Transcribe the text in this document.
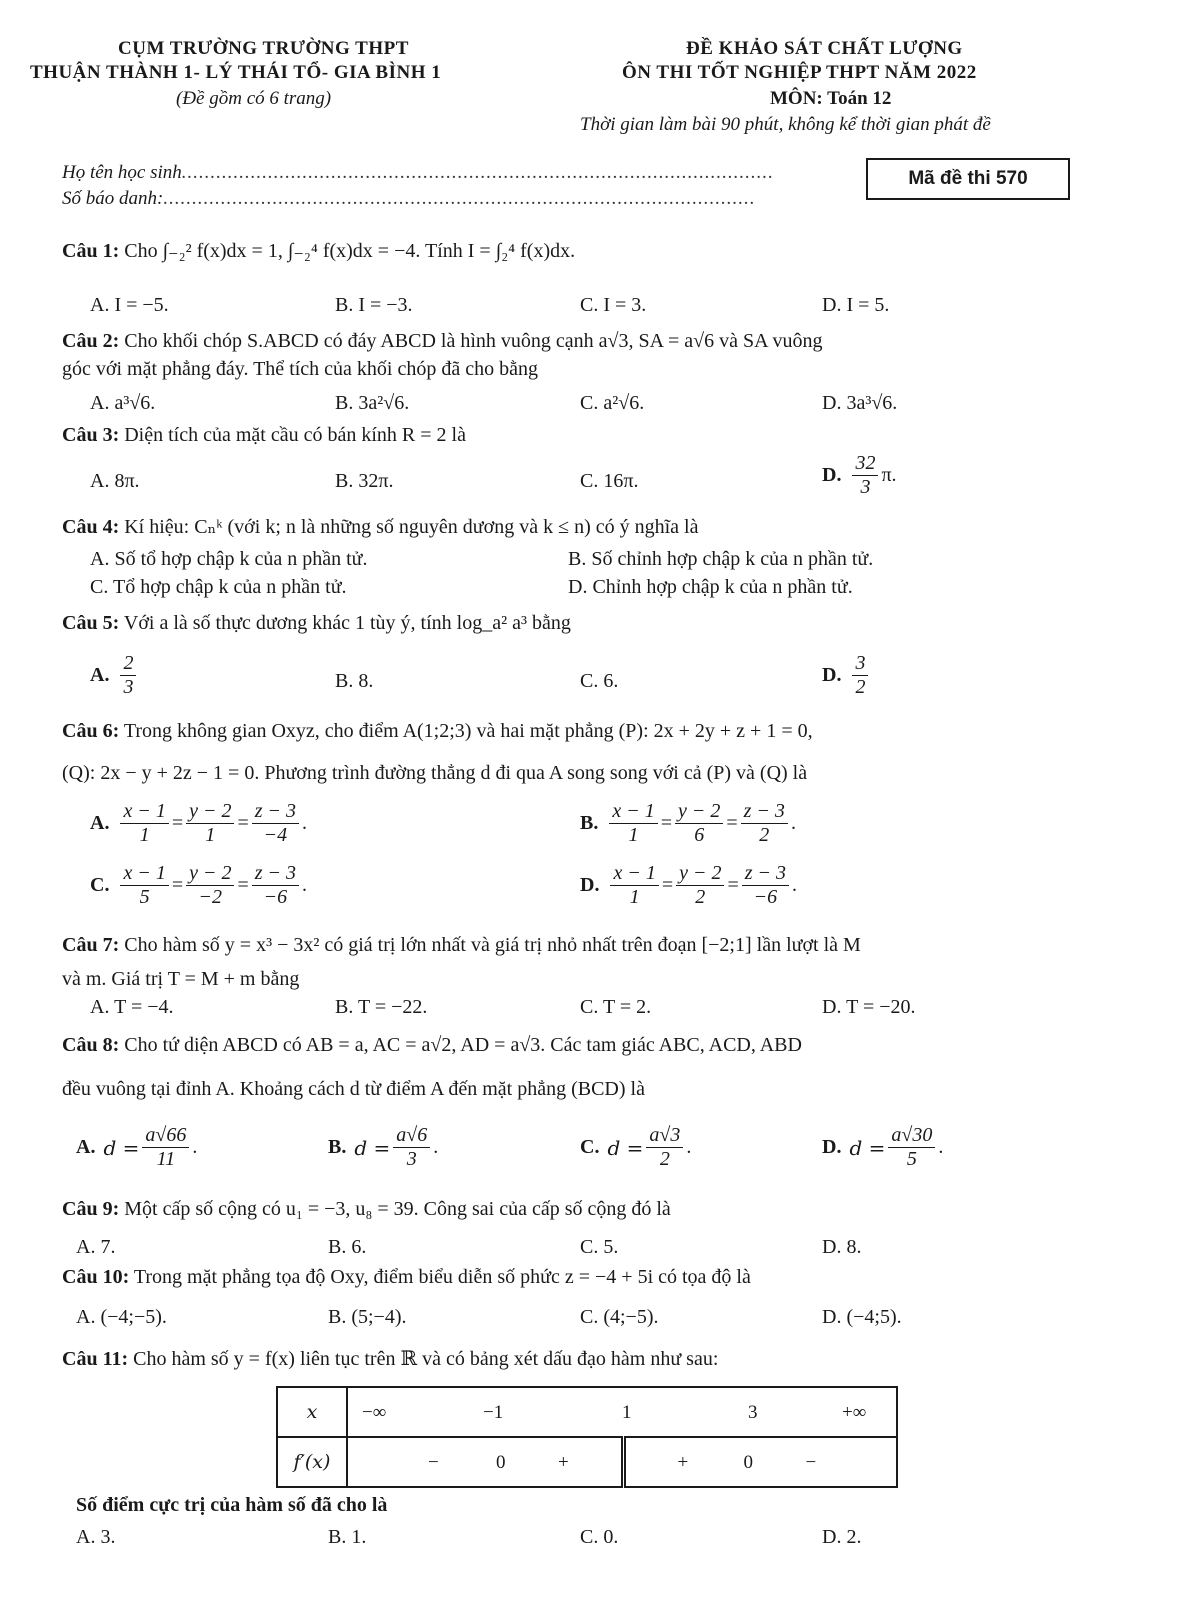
CỤM TRƯỜNG TRƯỜNG THPT
THUẬN THÀNH 1- LÝ THÁI TỔ- GIA BÌNH 1
(Đề gồm có 6 trang)
ĐỀ KHẢO SÁT CHẤT LƯỢNG
ÔN THI TỐT NGHIỆP THPT NĂM 2022
MÔN: Toán 12
Thời gian làm bài 90 phút, không kể thời gian phát đề
Họ tên học sinh.......................................................................................................
Số báo danh:.......................................................................................................
Mã đề thi 570
Câu 1: Cho ∫₋₂² f(x)dx = 1, ∫₋₂⁴ f(x)dx = −4. Tính I = ∫₂⁴ f(x)dx.
A. I = −5.	B. I = −3.	C. I = 3.	D. I = 5.
Câu 2: Cho khối chóp S.ABCD có đáy ABCD là hình vuông cạnh a√3, SA = a√6 và SA vuông
góc với mặt phẳng đáy. Thể tích của khối chóp đã cho bằng
A. a³√6.	B. 3a²√6.	C. a²√6.	D. 3a³√6.
Câu 3: Diện tích của mặt cầu có bán kính R = 2 là
A. 8π.	B. 32π.	C. 16π.	D. $\frac{32}{3} \pi$.
Câu 4: Kí hiệu: Cₙᵏ (với k; n là những số nguyên dương và k ≤ n) có ý nghĩa là
A. Số tổ hợp chập k của n phần tử.	B. Số chỉnh hợp chập k của n phần tử.
C. Tổ hợp chập k của n phần tử.	D. Chỉnh hợp chập k của n phần tử.
Câu 5: Với a là số thực dương khác 1 tùy ý, tính log_a² a³ bằng
A. $\frac{2}{3}$	B. 8.	C. 6.	D. $\frac{3}{2}$
Câu 6: Trong không gian Oxyz, cho điểm A(1;2;3) và hai mặt phẳng (P): 2x + 2y + z + 1 = 0,
(Q): 2x − y + 2z − 1 = 0. Phương trình đường thẳng d đi qua A song song với cả (P) và (Q) là
A. $\frac{x - 1}{1} = \frac{y - 2}{1} = \frac{z - 3}{-4}$ .	B. $\frac{x - 1}{1} = \frac{y - 2}{6} = \frac{z - 3}{2}$ .
C. $\frac{x - 1}{5} = \frac{y - 2}{-2} = \frac{z - 3}{-6}$ .	D. $\frac{x - 1}{1} = \frac{y - 2}{2} = \frac{z - 3}{-6}$ .
Câu 7: Cho hàm số y = x³ − 3x² có giá trị lớn nhất và giá trị nhỏ nhất trên đoạn [−2;1] lần lượt là M
và m. Giá trị T = M + m bằng
A. T = −4.	B. T = −22.	C. T = 2.	D. T = −20.
Câu 8: Cho tứ diện ABCD có AB = a, AC = a√2, AD = a√3. Các tam giác ABC, ACD, ABD
đều vuông tại đỉnh A. Khoảng cách d từ điểm A đến mặt phẳng (BCD) là
A. $d = \frac{a√66}{11}$ .	B. $d = \frac{a√6}{3}$ .	C. $d = \frac{a√3}{2}$ .	D. $d = \frac{a√30}{5}$ .
Câu 9: Một cấp số cộng có u₁ = −3, u₈ = 39. Công sai của cấp số cộng đó là
A. 7.	B. 6.	C. 5.	D. 8.
Câu 10: Trong mặt phẳng tọa độ Oxy, điểm biểu diễn số phức z = −4 + 5i có tọa độ là
A. (−4;−5).	B. (5;−4).	C. (4;−5).	D. (−4;5).
Câu 11: Cho hàm số y = f(x) liên tục trên ℝ và có bảng xét dấu đạo hàm như sau:
x	−∞ −1 1 3 +∞	

f′(x)	− 0 +	+ 0 −
Số điểm cực trị của hàm số đã cho là
A. 3.	B. 1.	C. 0.	D. 2.
